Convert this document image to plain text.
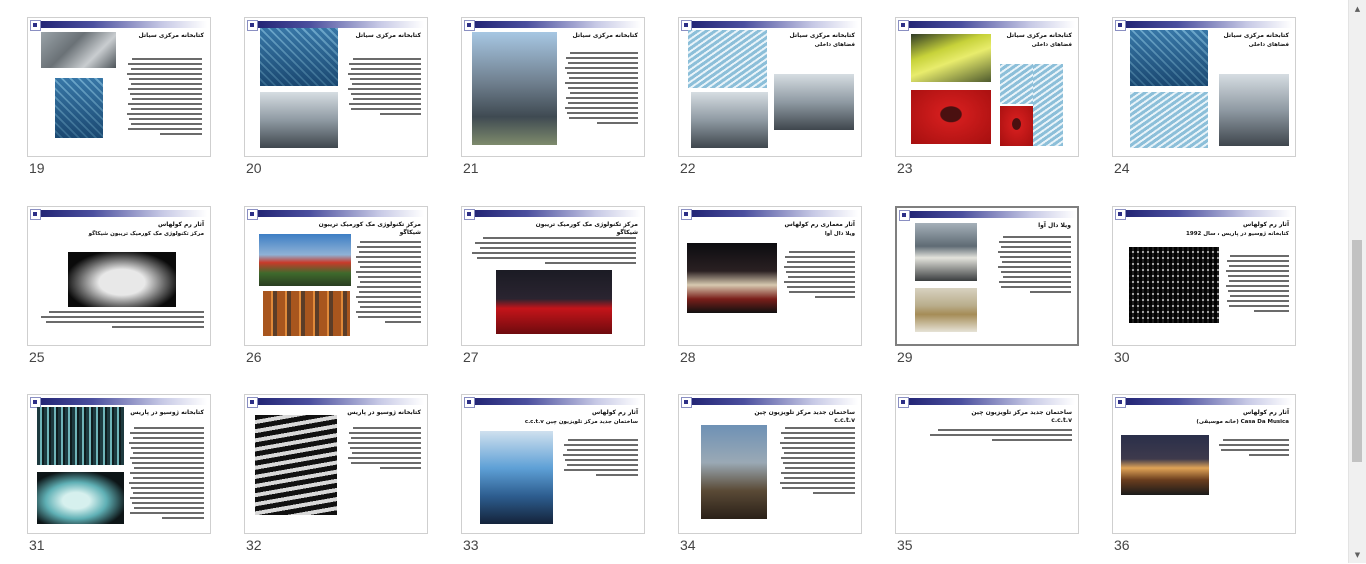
کتابخانه مرکزی سیاتل
19
کتابخانه مرکزی سیاتل
20
کتابخانه مرکزی سیاتل
21
کتابخانه مرکزی سیاتل
فضاهای داخلی
22
کتابخانه مرکزی سیاتل
فضاهای داخلی
23
کتابخانه مرکزی سیاتل
فضاهای داخلی
24
آثار رم کولهاس
مرکز تکنولوژی مک کورمیک تریبون شیکاگو
25
مرکز تکنولوژی مک کورمیک تریبون شیکاگو
26
مرکز تکنولوژی مک کورمیک تریبون شیکاگو
27
آثار معماری رم کولهاس
ویلا دال آوا
28
ویلا دال آوا
29
آثار رم کولهاس
کتابخانه ژوسیو در پاریس ، سال 1992
30
کتابخانه ژوسیو در پاریس
31
کتابخانه ژوسیو در پاریس
32
آثار رم کولهاس
ساختمان جدید مرکز تلویزیون چین c.c.t.v
33
ساختمان جدید مرکز تلویزیون چین c.c.t.v
34
ساختمان جدید مرکز تلویزیون چین c.c.t.v
35
آثار رم کولهاس
Casa Da Musica (خانه موسیقی)
36
▲
▼
